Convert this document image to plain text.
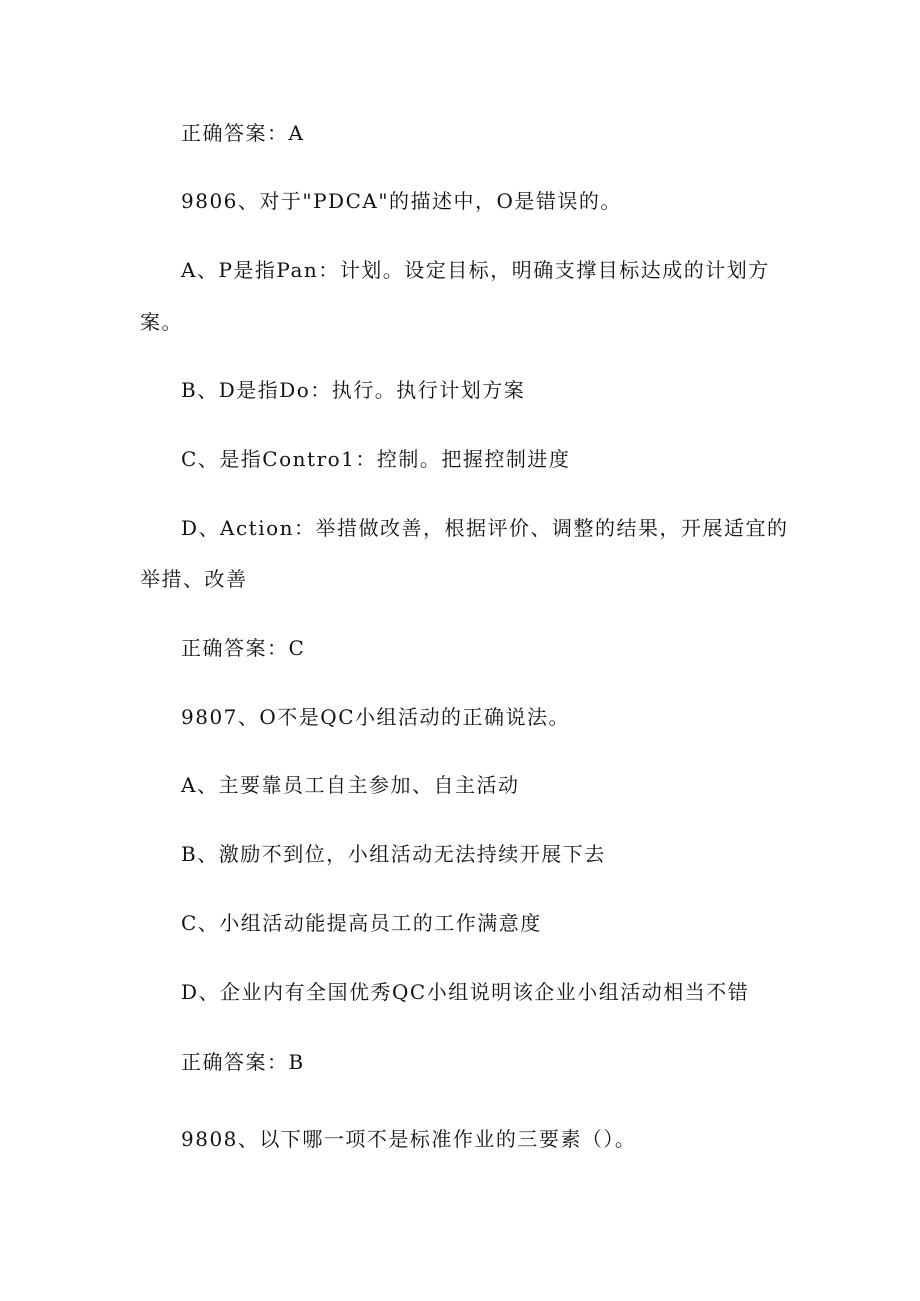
正确答案：A
9806、对于"PDCA"的描述中，O是错误的。
A、P是指Pan：计划。设定目标，明确支撑目标达成的计划方
案。
B、D是指Do：执行。执行计划方案
C、是指Contro1：控制。把握控制进度
D、Action：举措做改善，根据评价、调整的结果，开展适宜的
举措、改善
正确答案：C
9807、O不是QC小组活动的正确说法。
A、主要靠员工自主参加、自主活动
B、激励不到位，小组活动无法持续开展下去
C、小组活动能提高员工的工作满意度
D、企业内有全国优秀QC小组说明该企业小组活动相当不错
正确答案：B
9808、以下哪一项不是标准作业的三要素（）。
